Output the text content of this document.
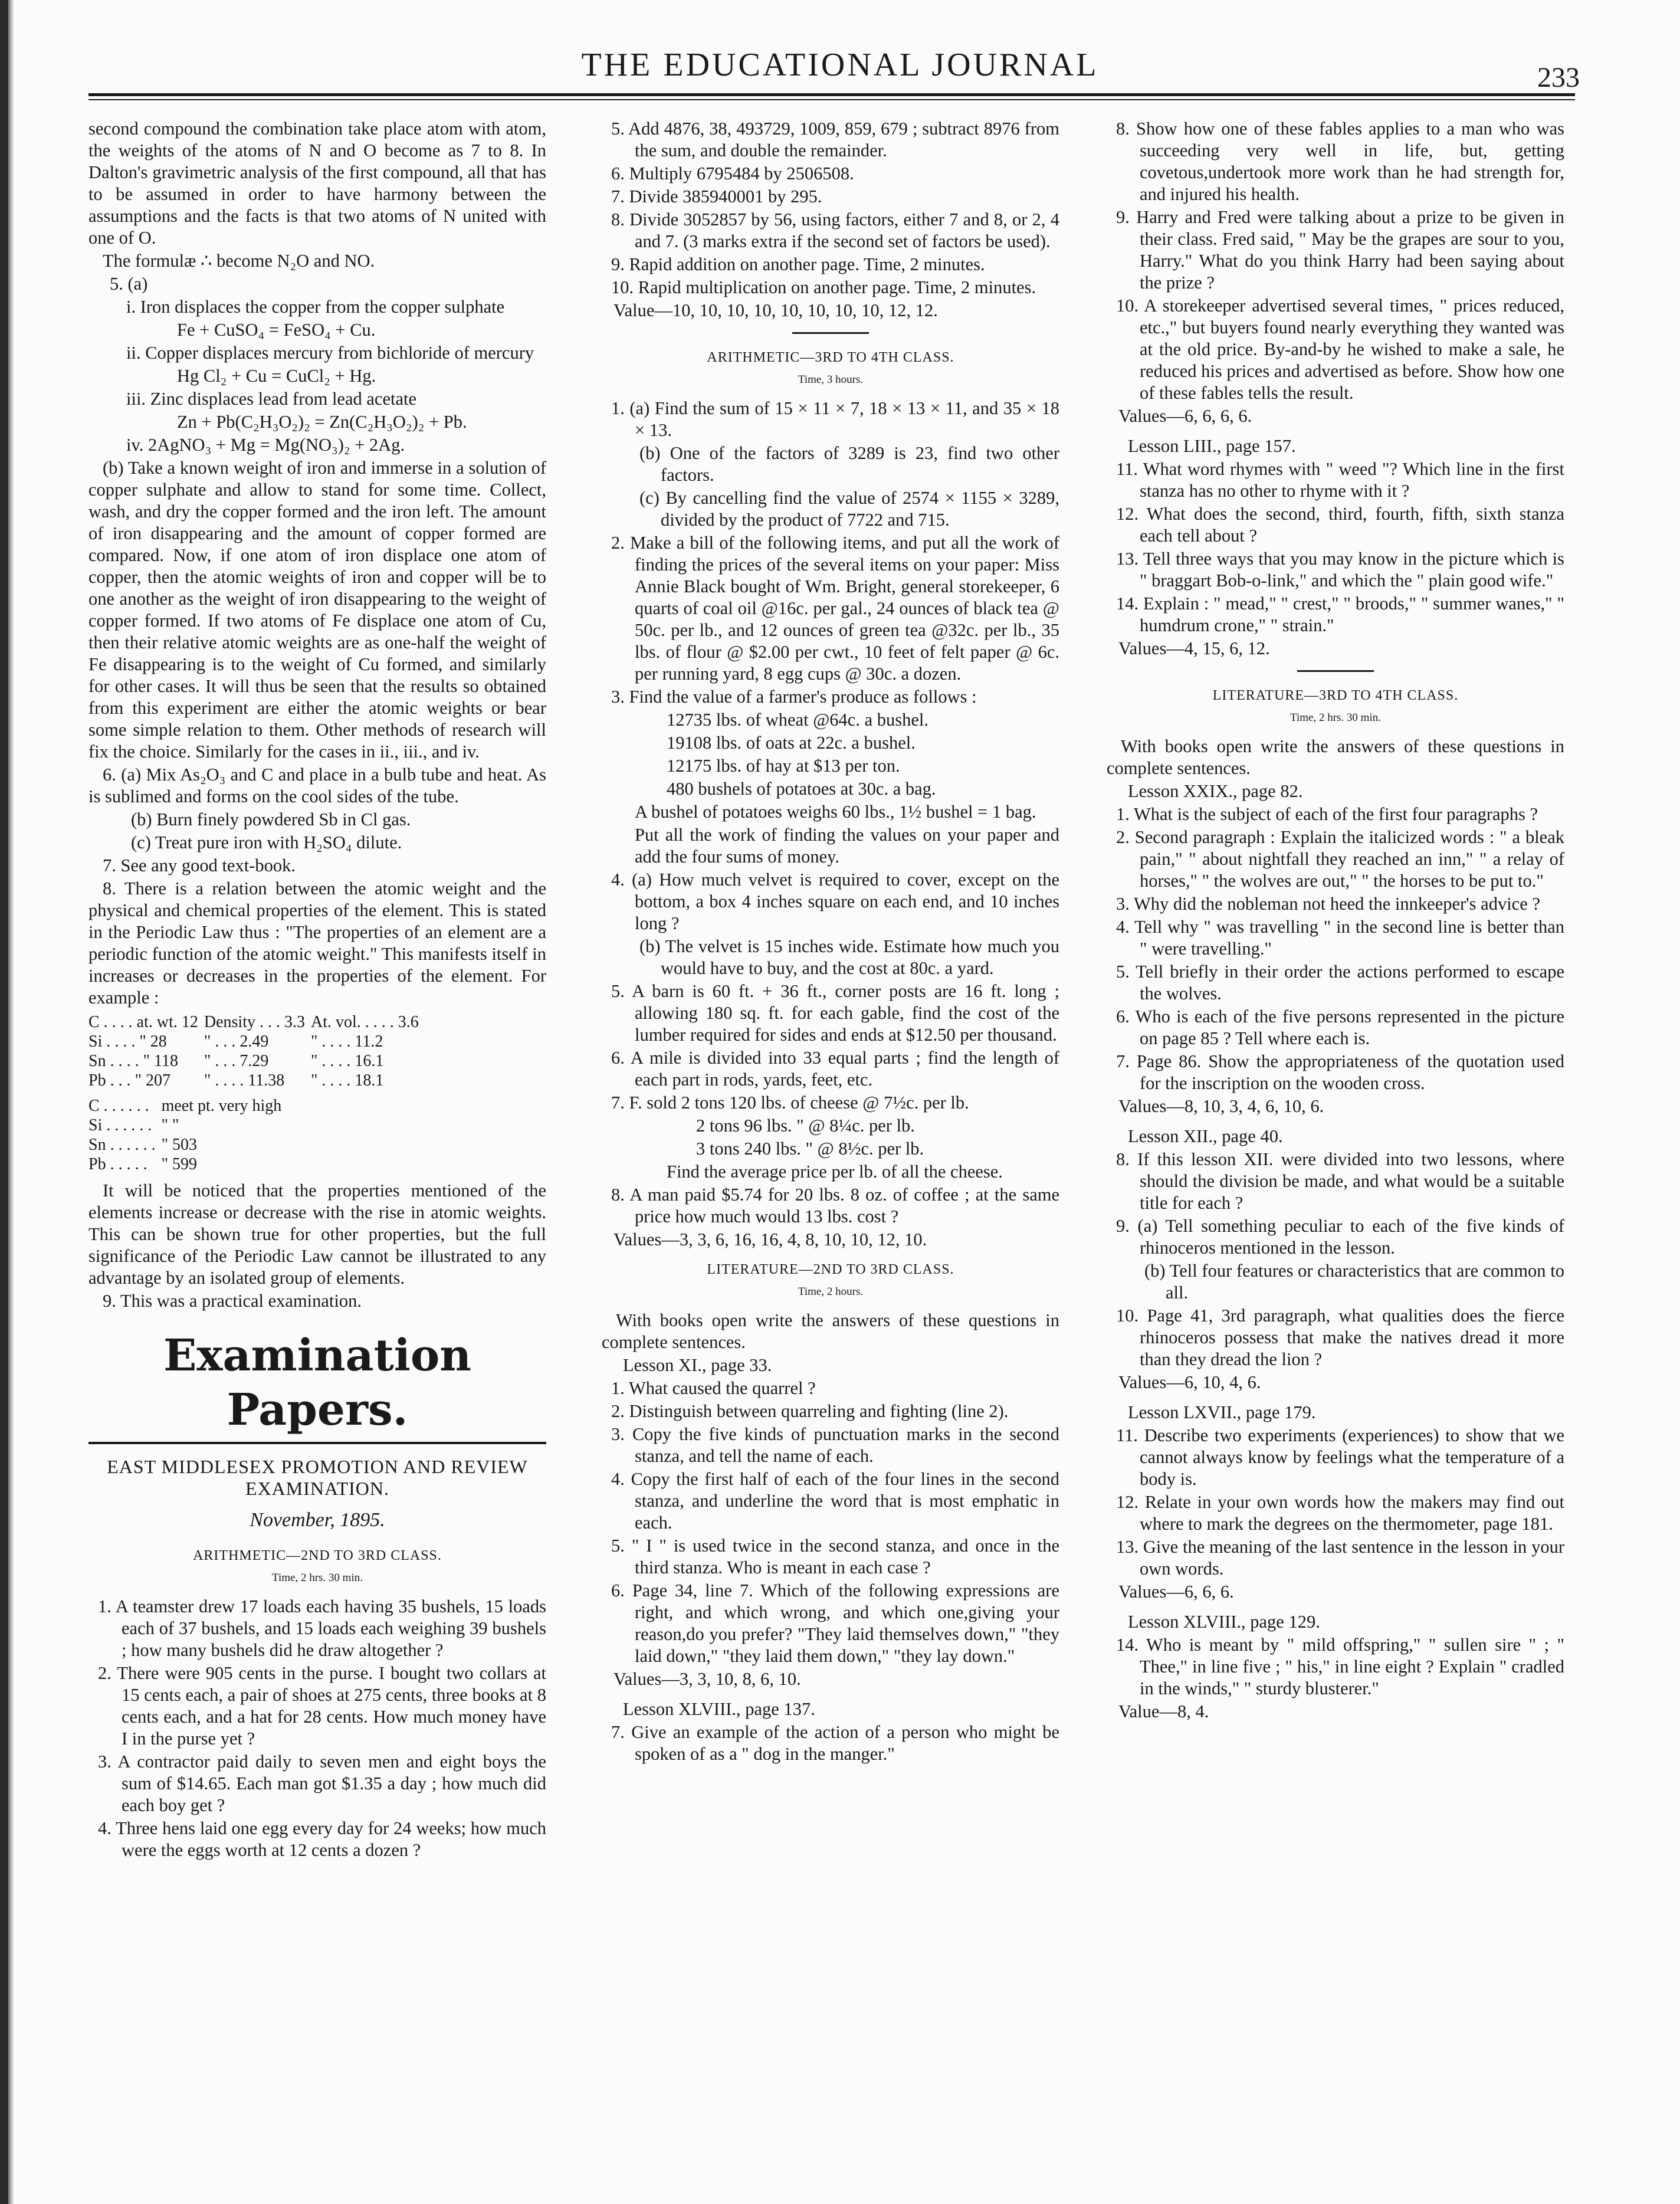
THE EDUCATIONAL JOURNAL	233

second compound the combination take place atom with atom, the weights of the atoms of N and O become as 7 to 8. In Dalton's gravimetric analysis of the first compound, all that has to be assumed in order to have harmony between the assumptions and the facts is that two atoms of N united with one of O.

The formulæ ∴ become N₂O and NO.

5. (a)

i. Iron displaces the copper from the copper sulphate

Fe + CuSO₄ = FeSO₄ + Cu.

ii. Copper displaces mercury from bichloride of mercury

Hg Cl₂ + Cu = CuCl₂ + Hg.

iii. Zinc displaces lead from lead acetate

Zn + Pb(C₂H₃O₂)₂ = Zn(C₂H₃O₂)₂ + Pb.

iv. 2AgNO₃ + Mg = Mg(NO₃)₂ + 2Ag.

(b) Take a known weight of iron and immerse in a solution of copper sulphate and allow to stand for some time. Collect, wash, and dry the copper formed and the iron left. The amount of iron disappearing and the amount of copper formed are compared. Now, if one atom of iron displace one atom of copper, then the atomic weights of iron and copper will be to one another as the weight of iron disappearing to the weight of copper formed. If two atoms of Fe displace one atom of Cu, then their relative atomic weights are as one-half the weight of Fe disappearing is to the weight of Cu formed, and similarly for other cases. It will thus be seen that the results so obtained from this experiment are either the atomic weights or bear some simple relation to them. Other methods of research will fix the choice. Similarly for the cases in ii., iii., and iv.

6. (a) Mix As₂O₃ and C and place in a bulb tube and heat. As is sublimed and forms on the cool sides of the tube.

(b) Burn finely powdered Sb in Cl gas.

(c) Treat pure iron with H₂SO₄ dilute.

7. See any good text-book.

8. There is a relation between the atomic weight and the physical and chemical properties of the element. This is stated in the Periodic Law thus : "The properties of an element are a periodic function of the atomic weight." This manifests itself in increases or decreases in the properties of the element. For example :

C . . . . at. wt. 12	Density . . . 3.3	At. vol. . . . . 3.6
Si . . . . " 28	" . . . 2.49	" . . . . 11.2
Sn . . . . " 118	" . . . 7.29	" . . . . 16.1
Pb . . . " 207	" . . . . 11.38	" . . . . 18.1
C . . . . . .	meet pt. very high
Si . . . . . .	" "
Sn . . . . . .	" 503
Pb . . . . .	" 599

It will be noticed that the properties mentioned of the elements increase or decrease with the rise in atomic weights. This can be shown true for other properties, but the full significance of the Periodic Law cannot be illustrated to any advantage by an isolated group of elements.

9. This was a practical examination.

Examination Papers.
EAST MIDDLESEX PROMOTION AND REVIEW EXAMINATION.
November, 1895.
ARITHMETIC—2ND TO 3RD CLASS.
Time, 2 hrs. 30 min.

1. A teamster drew 17 loads each having 35 bushels, 15 loads each of 37 bushels, and 15 loads each weighing 39 bushels ; how many bushels did he draw altogether ?

2. There were 905 cents in the purse. I bought two collars at 15 cents each, a pair of shoes at 275 cents, three books at 8 cents each, and a hat for 28 cents. How much money have I in the purse yet ?

3. A contractor paid daily to seven men and eight boys the sum of $14.65. Each man got $1.35 a day ; how much did each boy get ?

4. Three hens laid one egg every day for 24 weeks; how much were the eggs worth at 12 cents a dozen ?

5. Add 4876, 38, 493729, 1009, 859, 679 ; subtract 8976 from the sum, and double the remainder.

6. Multiply 6795484 by 2506508.

7. Divide 385940001 by 295.

8. Divide 3052857 by 56, using factors, either 7 and 8, or 2, 4 and 7. (3 marks extra if the second set of factors be used).

9. Rapid addition on another page. Time, 2 minutes.

10. Rapid multiplication on another page. Time, 2 minutes.

Value—10, 10, 10, 10, 10, 10, 10, 10, 12, 12.

ARITHMETIC—3RD TO 4TH CLASS.
Time, 3 hours.

1. (a) Find the sum of 15 × 11 × 7, 18 × 13 × 11, and 35 × 18 × 13.

(b) One of the factors of 3289 is 23, find two other factors.

(c) By cancelling find the value of 2574 × 1155 × 3289, divided by the product of 7722 and 715.

2. Make a bill of the following items, and put all the work of finding the prices of the several items on your paper: Miss Annie Black bought of Wm. Bright, general storekeeper, 6 quarts of coal oil @16c. per gal., 24 ounces of black tea @ 50c. per lb., and 12 ounces of green tea @32c. per lb., 35 lbs. of flour @ $2.00 per cwt., 10 feet of felt paper @ 6c. per running yard, 8 egg cups @ 30c. a dozen.

3. Find the value of a farmer's produce as follows :

12735 lbs. of wheat @64c. a bushel.

19108 lbs. of oats at 22c. a bushel.

12175 lbs. of hay at $13 per ton.

480 bushels of potatoes at 30c. a bag.

A bushel of potatoes weighs 60 lbs., 1½ bushel = 1 bag.

Put all the work of finding the values on your paper and add the four sums of money.

4. (a) How much velvet is required to cover, except on the bottom, a box 4 inches square on each end, and 10 inches long ?

(b) The velvet is 15 inches wide. Estimate how much you would have to buy, and the cost at 80c. a yard.

5. A barn is 60 ft. + 36 ft., corner posts are 16 ft. long ; allowing 180 sq. ft. for each gable, find the cost of the lumber required for sides and ends at $12.50 per thousand.

6. A mile is divided into 33 equal parts ; find the length of each part in rods, yards, feet, etc.

7. F. sold 2 tons 120 lbs. of cheese @ 7½c. per lb.

2 tons 96 lbs. " @ 8¼c. per lb.

3 tons 240 lbs. " @ 8½c. per lb.

Find the average price per lb. of all the cheese.

8. A man paid $5.74 for 20 lbs. 8 oz. of coffee ; at the same price how much would 13 lbs. cost ?

Values—3, 3, 6, 16, 16, 4, 8, 10, 10, 12, 10.

LITERATURE—2ND TO 3RD CLASS.
Time, 2 hours.

With books open write the answers of these questions in complete sentences.

Lesson XI., page 33.

1. What caused the quarrel ?

2. Distinguish between quarreling and fighting (line 2).

3. Copy the five kinds of punctuation marks in the second stanza, and tell the name of each.

4. Copy the first half of each of the four lines in the second stanza, and underline the word that is most emphatic in each.

5. " I " is used twice in the second stanza, and once in the third stanza. Who is meant in each case ?

6. Page 34, line 7. Which of the following expressions are right, and which wrong, and which one,giving your reason,do you prefer? "They laid themselves down," "they laid down," "they laid them down," "they lay down."

Values—3, 3, 10, 8, 6, 10.

Lesson XLVIII., page 137.

7. Give an example of the action of a person who might be spoken of as a " dog in the manger."

8. Show how one of these fables applies to a man who was succeeding very well in life, but, getting covetous,undertook more work than he had strength for, and injured his health.

9. Harry and Fred were talking about a prize to be given in their class. Fred said, " May be the grapes are sour to you, Harry." What do you think Harry had been saying about the prize ?

10. A storekeeper advertised several times, " prices reduced, etc.," but buyers found nearly everything they wanted was at the old price. By-and-by he wished to make a sale, he reduced his prices and advertised as before. Show how one of these fables tells the result.

Values—6, 6, 6, 6.

Lesson LIII., page 157.

11. What word rhymes with " weed "? Which line in the first stanza has no other to rhyme with it ?

12. What does the second, third, fourth, fifth, sixth stanza each tell about ?

13. Tell three ways that you may know in the picture which is " braggart Bob-o-link," and which the " plain good wife."

14. Explain : " mead," " crest," " broods," " summer wanes," " humdrum crone," " strain."

Values—4, 15, 6, 12.

LITERATURE—3RD TO 4TH CLASS.
Time, 2 hrs. 30 min.

With books open write the answers of these questions in complete sentences.

Lesson XXIX., page 82.

1. What is the subject of each of the first four paragraphs ?

2. Second paragraph : Explain the italicized words : " a bleak pain," " about nightfall they reached an inn," " a relay of horses," " the wolves are out," " the horses to be put to."

3. Why did the nobleman not heed the innkeeper's advice ?

4. Tell why " was travelling " in the second line is better than " were travelling."

5. Tell briefly in their order the actions performed to escape the wolves.

6. Who is each of the five persons represented in the picture on page 85 ? Tell where each is.

7. Page 86. Show the appropriateness of the quotation used for the inscription on the wooden cross.

Values—8, 10, 3, 4, 6, 10, 6.

Lesson XII., page 40.

8. If this lesson XII. were divided into two lessons, where should the division be made, and what would be a suitable title for each ?

9. (a) Tell something peculiar to each of the five kinds of rhinoceros mentioned in the lesson.

(b) Tell four features or characteristics that are common to all.

10. Page 41, 3rd paragraph, what qualities does the fierce rhinoceros possess that make the natives dread it more than they dread the lion ?

Values—6, 10, 4, 6.

Lesson LXVII., page 179.

11. Describe two experiments (experiences) to show that we cannot always know by feelings what the temperature of a body is.

12. Relate in your own words how the makers may find out where to mark the degrees on the thermometer, page 181.

13. Give the meaning of the last sentence in the lesson in your own words.

Values—6, 6, 6.

Lesson XLVIII., page 129.

14. Who is meant by " mild offspring," " sullen sire " ; " Thee," in line five ; " his," in line eight ? Explain " cradled in the winds," " sturdy blusterer."

Value—8, 4.
